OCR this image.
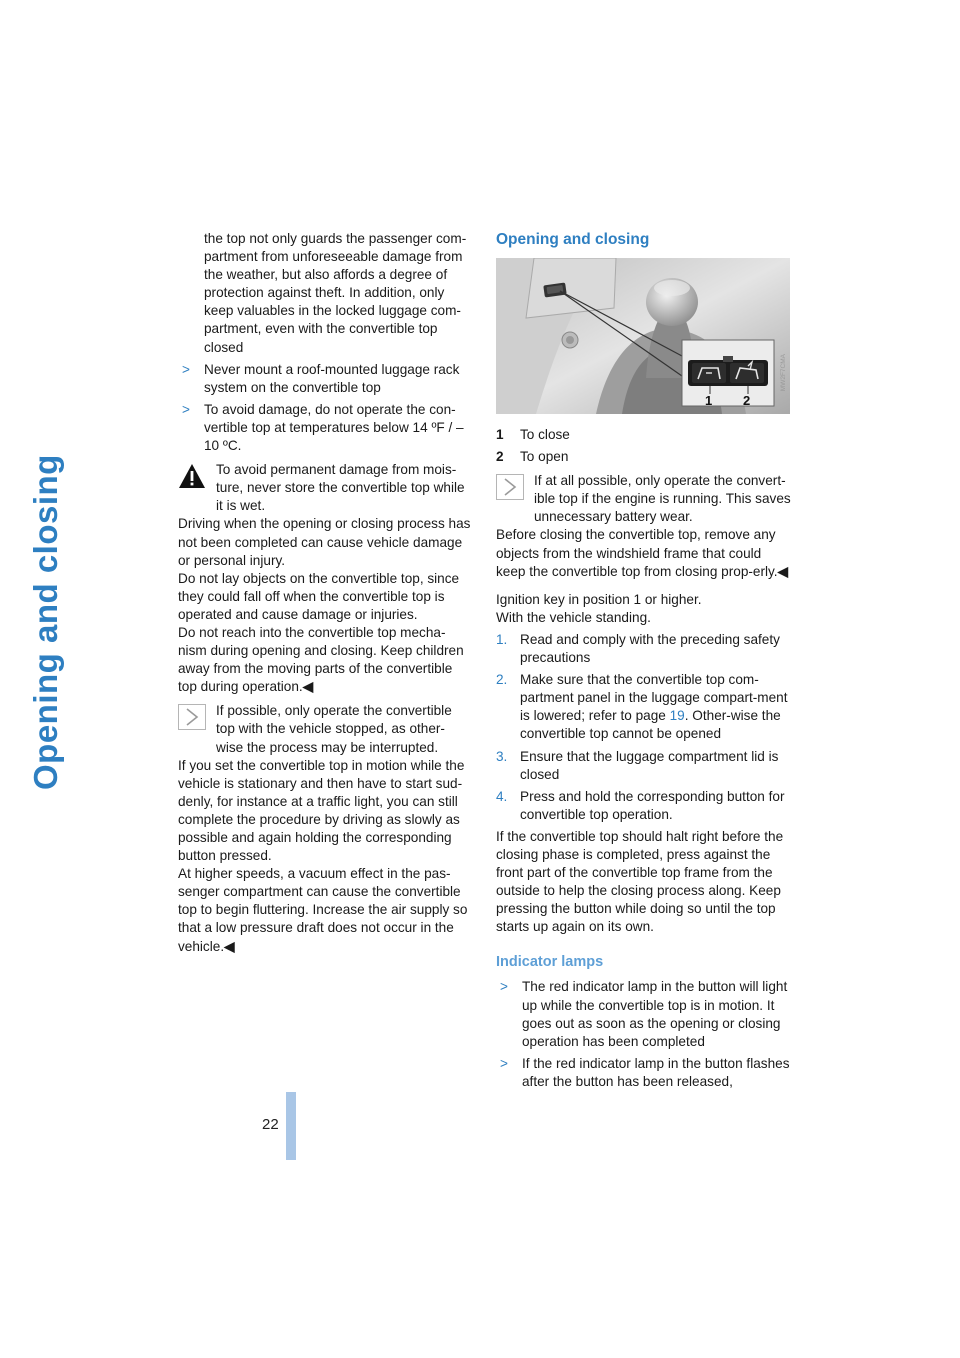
Opening and closing

the top not only guards the passenger com-partment from unforeseeable damage from the weather, but also affords a degree of protection against theft. In addition, only keep valuables in the locked luggage com-partment, even with the convertible top closed

> Never mount a roof-mounted luggage rack system on the convertible top
> To avoid damage, do not operate the con-vertible top at temperatures below 14 ºF / –10 ºC.

To avoid permanent damage from mois-ture, never store the convertible top while it is wet.

Driving when the opening or closing process has not been completed can cause vehicle damage or personal injury.

Do not lay objects on the convertible top, since they could fall off when the convertible top is operated and cause damage or injuries.

Do not reach into the convertible top mecha-nism during opening and closing. Keep children away from the moving parts of the convertible top during operation.◀

If possible, only operate the convertible top with the vehicle stopped, as other-wise the process may be interrupted.

If you set the convertible top in motion while the vehicle is stationary and then have to start sud-denly, for instance at a traffic light, you can still complete the procedure by driving as slowly as possible and again holding the corresponding button pressed.

At higher speeds, a vacuum effect in the pas-senger compartment can cause the convertible top to begin fluttering. Increase the air supply so that a low pressure draft does not occur in the vehicle.◀

Opening and closing
1 2
MW2F7CMA
1 To close
2 To open

If at all possible, only operate the convert-ible top if the engine is running. This saves unnecessary battery wear.

Before closing the convertible top, remove any objects from the windshield frame that could keep the convertible top from closing prop-erly.◀

Ignition key in position 1 or higher.

With the vehicle standing.

1. Read and comply with the preceding safety precautions
2. Make sure that the convertible top com-partment panel in the luggage compart-ment is lowered; refer to page 19. Other-wise the convertible top cannot be opened
3. Ensure that the luggage compartment lid is closed
4. Press and hold the corresponding button for convertible top operation.

If the convertible top should halt right before the closing phase is completed, press against the front part of the convertible top frame from the outside to help the closing process along. Keep pressing the button while doing so until the top starts up again on its own.

Indicator lamps
> The red indicator lamp in the button will light up while the convertible top is in motion. It goes out as soon as the opening or closing operation has been completed
> If the red indicator lamp in the button flashes after the button has been released,
22
